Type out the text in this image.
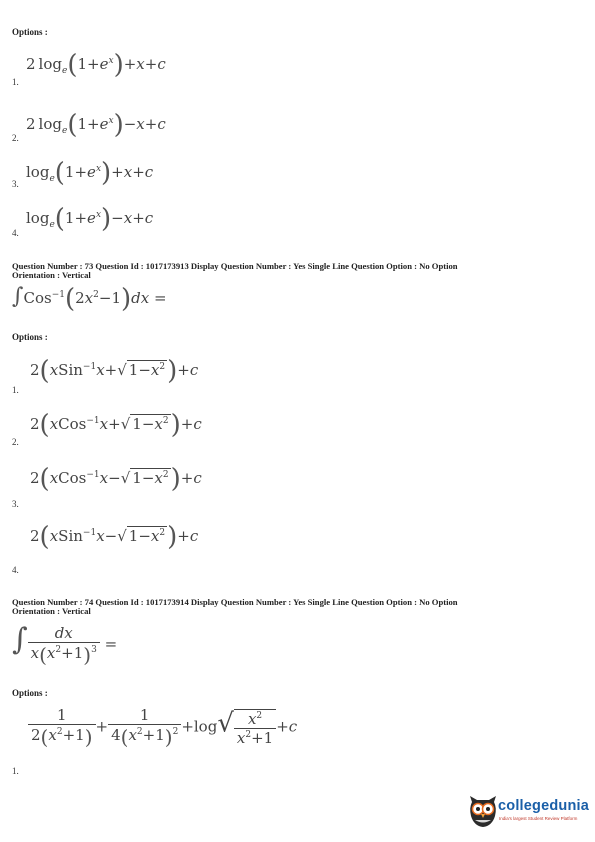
Options :
2 $\log_e(1+e^x)+x+c$
1.
2 $\log_e(1+e^x)-x+c$
2.
$\log_e(1+e^x)+x+c$
3.
$\log_e(1+e^x)-x+c$
4.
Question Number : 73 Question Id : 1017173913 Display Question Number : Yes Single Line Question Option : No Option
Orientation : Vertical
$\int Cos^{-1}(2x^2-1)dx$ =
Options :
2(xSin$^{-1}$x+√ $1-x^2)+c$
1.
2(xCos$^{-1}$x+√ $1-x^2)+c$
2.
2(xCos$^{-1}$x−√ $1-x^2)+c$
3.
2(xSin$^{-1}$x−√ $1-x^2)+c$
4.
Question Number : 74 Question Id : 1017173914 Display Question Number : Yes Single Line Question Option : No Option
Orientation : Vertical
∫ $\frac{dx}{x(x^2+1)^3}$ =
Options :
$\frac{1}{2(x^2+1)} + \frac{1}{4(x^2+1)^2} +\log√ \frac{x^2}{x^2+1} +c$
1.
collegedunia
India's largest Student Review Platform
